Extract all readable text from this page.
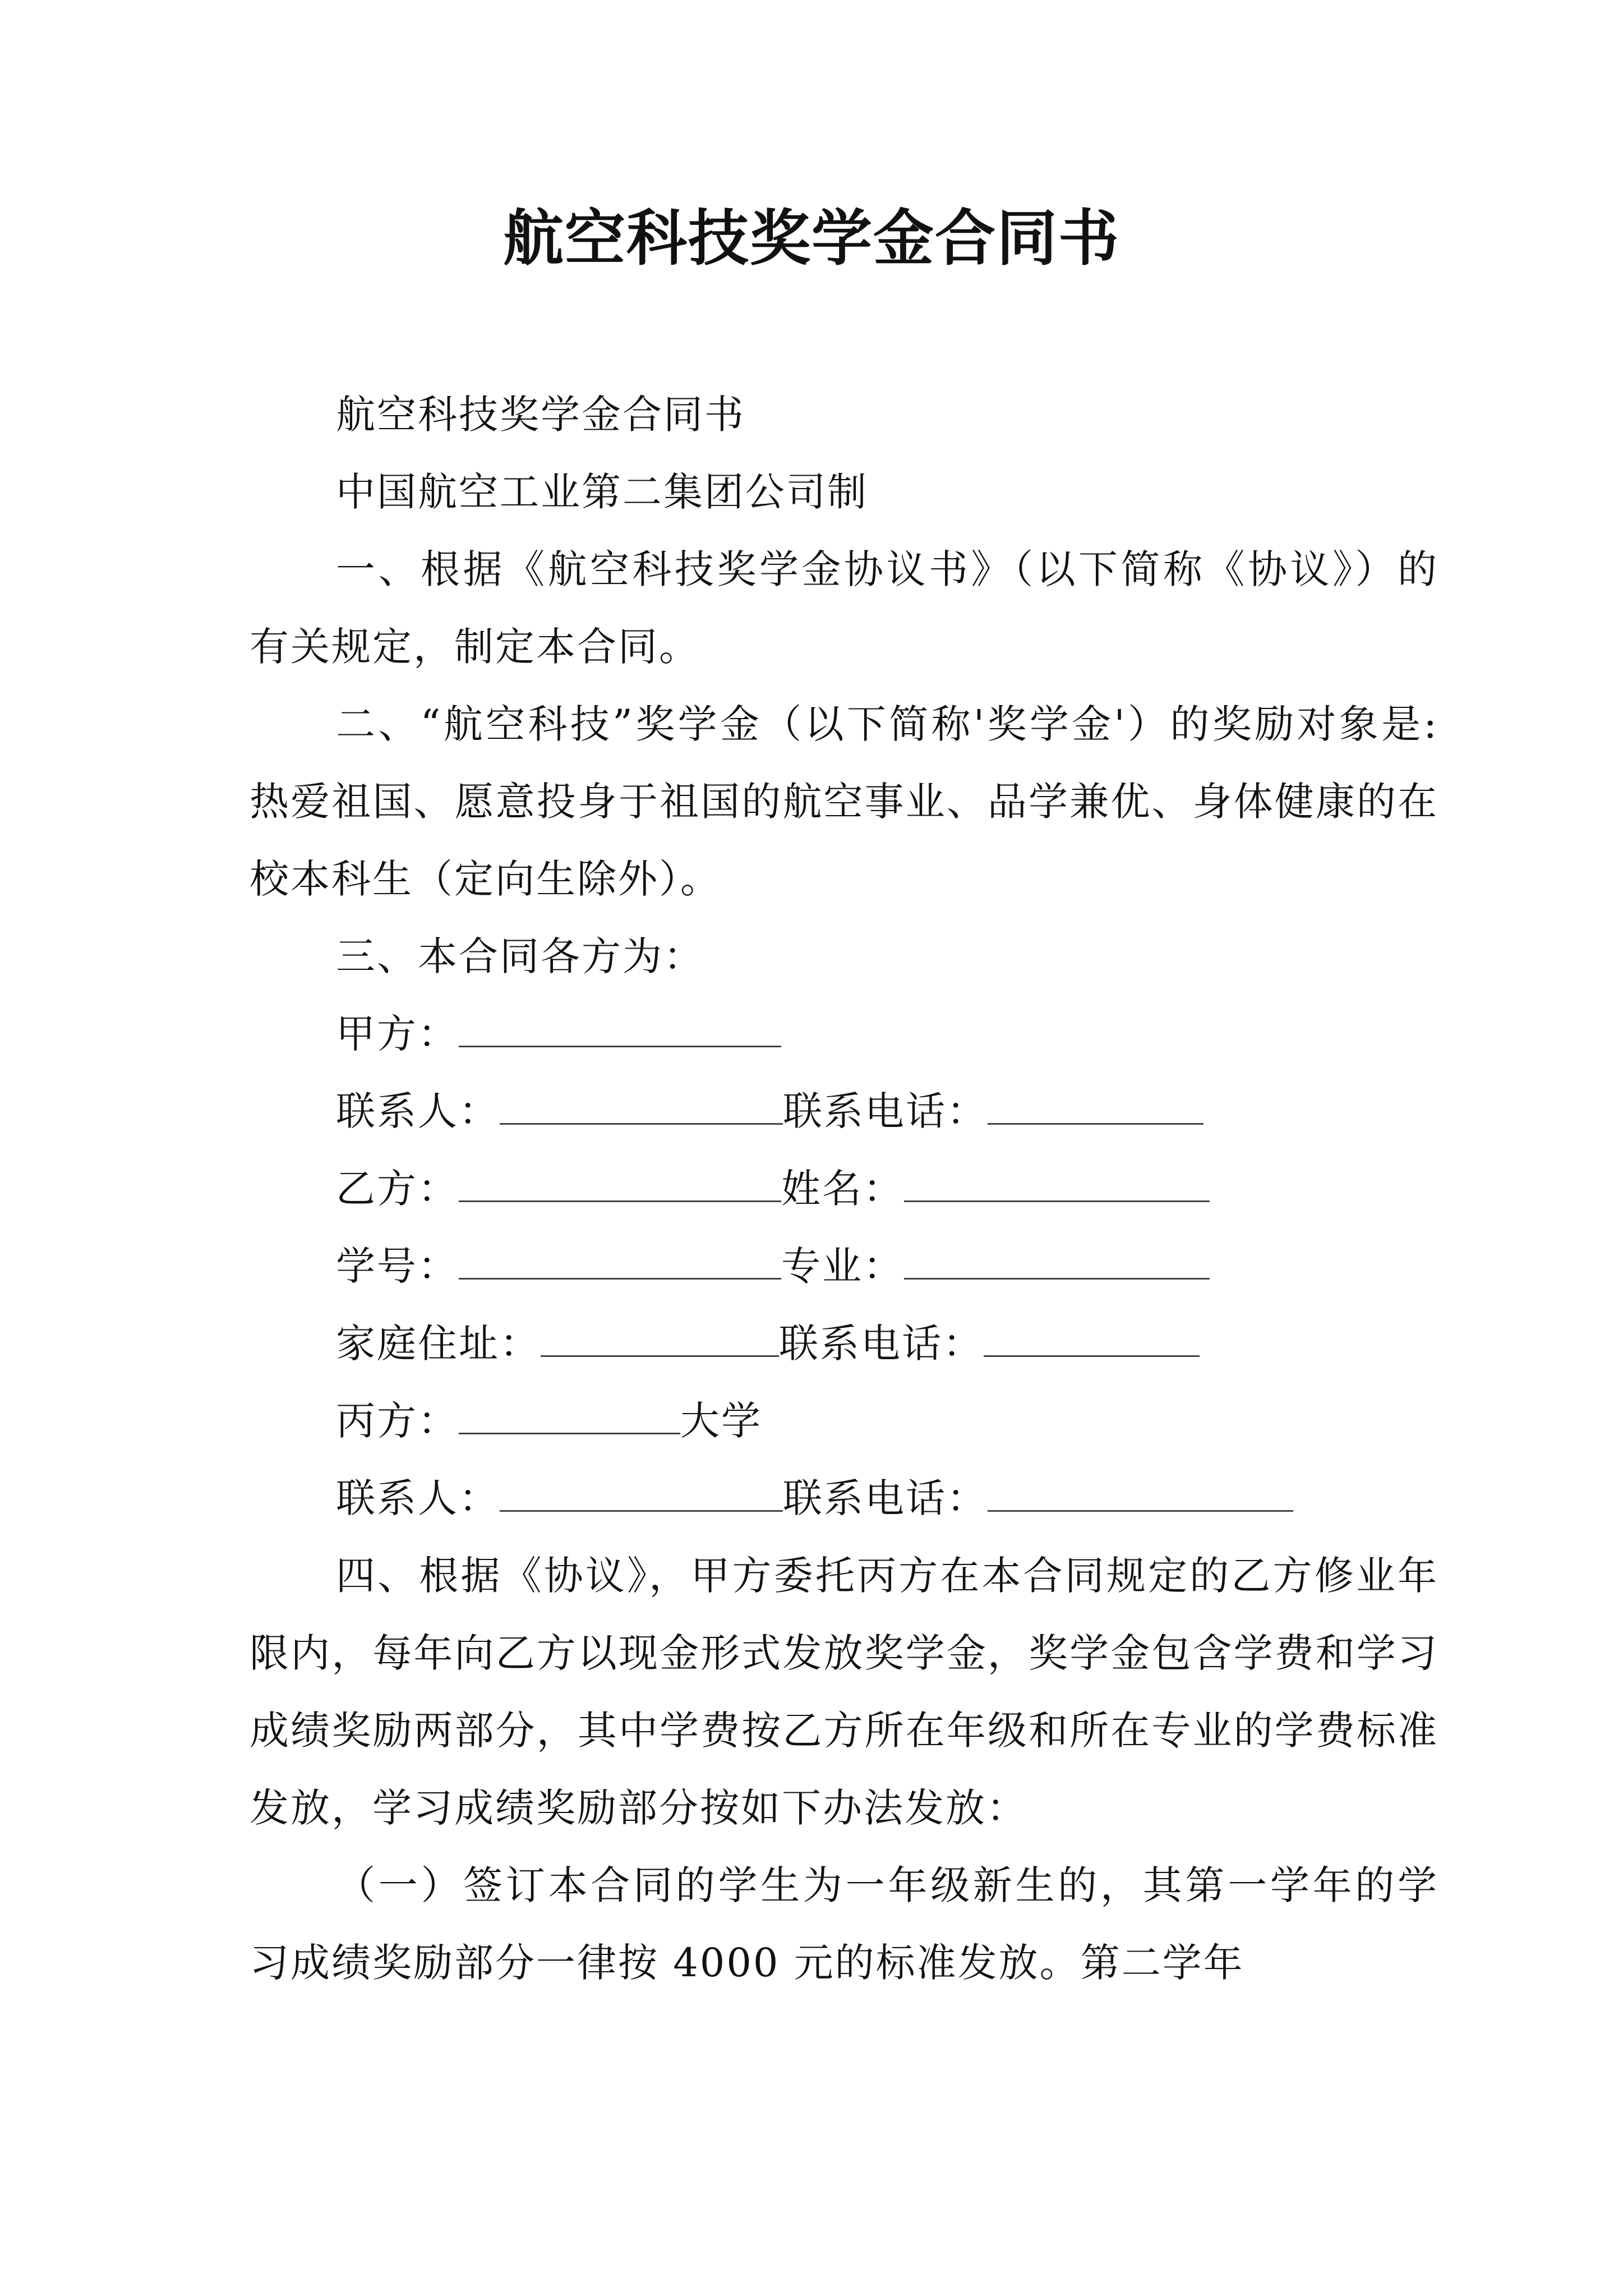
航空科技奖学金合同书

航空科技奖学金合同书

中国航空工业第二集团公司制

一、根据《航空科技奖学金协议书》（以下简称《协议》）的有关规定，制定本合同。

二、“航空科技”奖学金（以下简称'奖学金'）的奖励对象是:热爱祖国、愿意投身于祖国的航空事业、品学兼优、身体健康的在校本科生（定向生除外）。

三、本合同各方为：

甲方：
联系人：	联系电话：
乙方：	姓名：
学号：	专业：
家庭住址：	联系电话：
丙方：	大学
联系人：	联系电话：

四、根据《协议》，甲方委托丙方在本合同规定的乙方修业年限内，每年向乙方以现金形式发放奖学金，奖学金包含学费和学习成绩奖励两部分，其中学费按乙方所在年级和所在专业的学费标准发放，学习成绩奖励部分按如下办法发放：

（一）签订本合同的学生为一年级新生的，其第一学年的学习成绩奖励部分一律按 4000 元的标准发放。第二学年
